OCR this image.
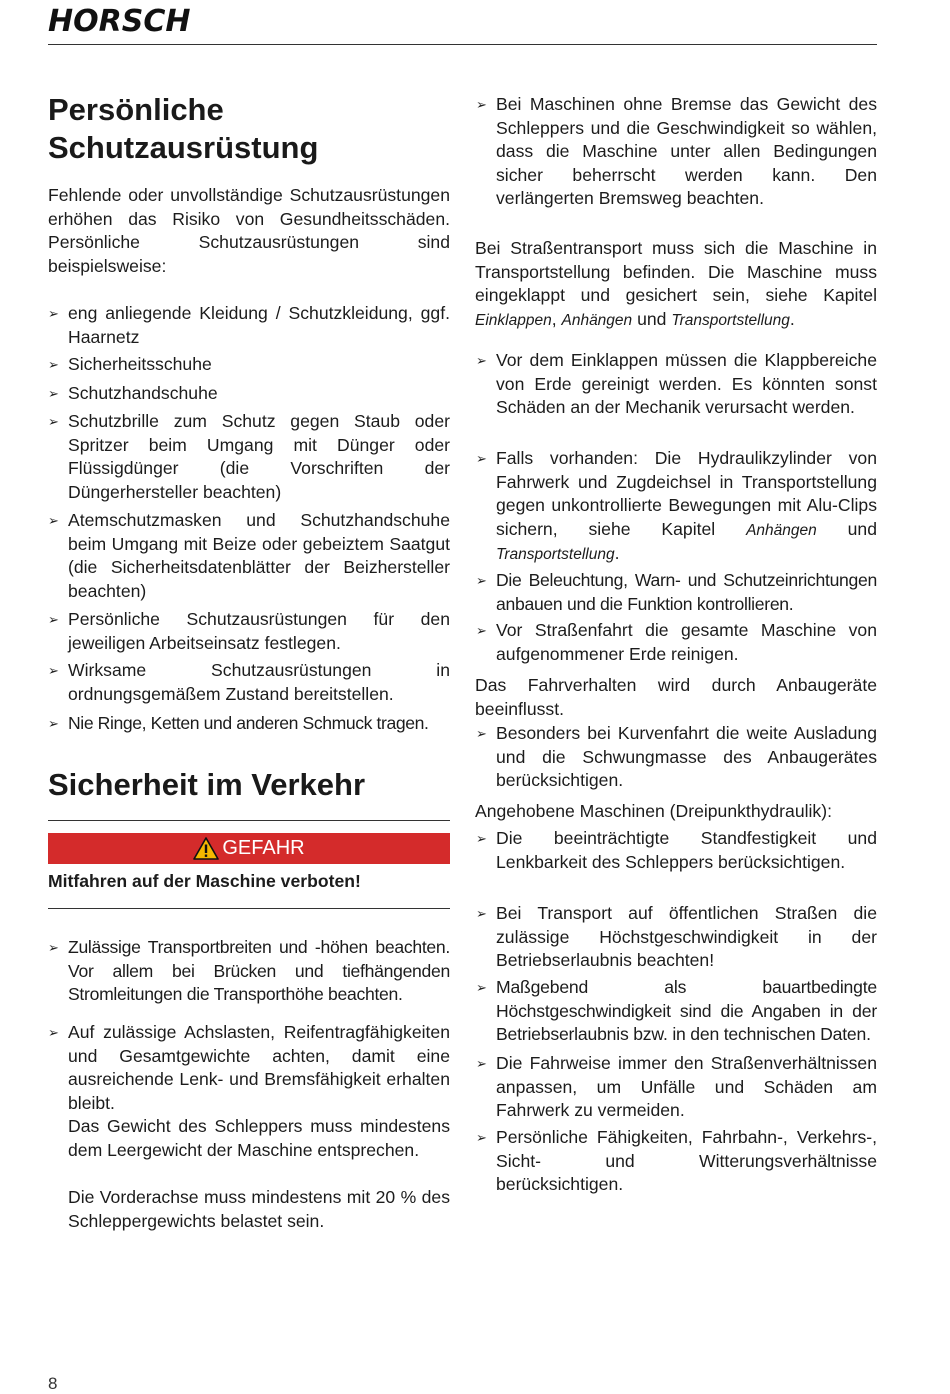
HORSCH
Persönliche
Schutzausrüstung

Fehlende oder unvollständige Schutzausrüstungen erhöhen das Risiko von Gesundheitsschäden. Persönliche Schutzausrüstungen sind beispielsweise:

➢ eng anliegende Kleidung / Schutzkleidung, ggf. Haarnetz

➢ Sicherheitsschuhe

➢ Schutzhandschuhe

➢ Schutzbrille zum Schutz gegen Staub oder Spritzer beim Umgang mit Dünger oder Flüssigdünger (die Vorschriften der Düngerhersteller beachten)

➢ Atemschutzmasken und Schutzhandschuhe beim Umgang mit Beize oder gebeiztem Saatgut (die Sicherheitsdatenblätter der Beizhersteller beachten)

➢ Persönliche Schutzausrüstungen für den jeweiligen Arbeitseinsatz festlegen.

➢ Wirksame Schutzausrüstungen in ordnungsgemäßem Zustand bereitstellen.

➢ Nie Ringe, Ketten und anderen Schmuck tragen.

Sicherheit im Verkehr
GEFAHR
Mitfahren auf der Maschine verboten!

➢ Zulässige Transportbreiten und -höhen beachten. Vor allem bei Brücken und tiefhängenden Stromleitungen die Transporthöhe beachten.

➢ Auf zulässige Achslasten, Reifentragfähigkeiten und Gesamtgewichte achten, damit eine ausreichende Lenk- und Bremsfähigkeit erhalten bleibt.

Das Gewicht des Schleppers muss mindestens dem Leergewicht der Maschine entsprechen.

Die Vorderachse muss mindestens mit 20 % des Schleppergewichts belastet sein.

➢ Bei Maschinen ohne Bremse das Gewicht des Schleppers und die Geschwindigkeit so wählen, dass die Maschine unter allen Bedingungen sicher beherrscht werden kann. Den verlängerten Bremsweg beachten.

Bei Straßentransport muss sich die Maschine in Transportstellung befinden. Die Maschine muss eingeklappt und gesichert sein, siehe Kapitel Einklappen, Anhängen und Transportstellung.

➢ Vor dem Einklappen müssen die Klappbereiche von Erde gereinigt werden. Es könnten sonst Schäden an der Mechanik verursacht werden.

➢ Falls vorhanden: Die Hydraulikzylinder von Fahrwerk und Zugdeichsel in Transportstellung gegen unkontrollierte Bewegungen mit Alu-Clips sichern, siehe Kapitel Anhängen und Transportstellung.

➢ Die Beleuchtung, Warn- und Schutzeinrichtungen anbauen und die Funktion kontrollieren.

➢ Vor Straßenfahrt die gesamte Maschine von aufgenommener Erde reinigen.

Das Fahrverhalten wird durch Anbaugeräte beeinflusst.

➢ Besonders bei Kurvenfahrt die weite Ausladung und die Schwungmasse des Anbaugerätes berücksichtigen.

Angehobene Maschinen (Dreipunkthydraulik):

➢ Die beeinträchtigte Standfestigkeit und Lenkbarkeit des Schleppers berücksichtigen.

➢ Bei Transport auf öffentlichen Straßen die zulässige Höchstgeschwindigkeit in der Betriebserlaubnis beachten!

➢ Maßgebend als bauartbedingte Höchstgeschwindigkeit sind die Angaben in der Betriebserlaubnis bzw. in den technischen Daten.

➢ Die Fahrweise immer den Straßenverhältnissen anpassen, um Unfälle und Schäden am Fahrwerk zu vermeiden.

➢ Persönliche Fähigkeiten, Fahrbahn-, Verkehrs-, Sicht- und Witterungsverhältnisse berücksichtigen.

8
